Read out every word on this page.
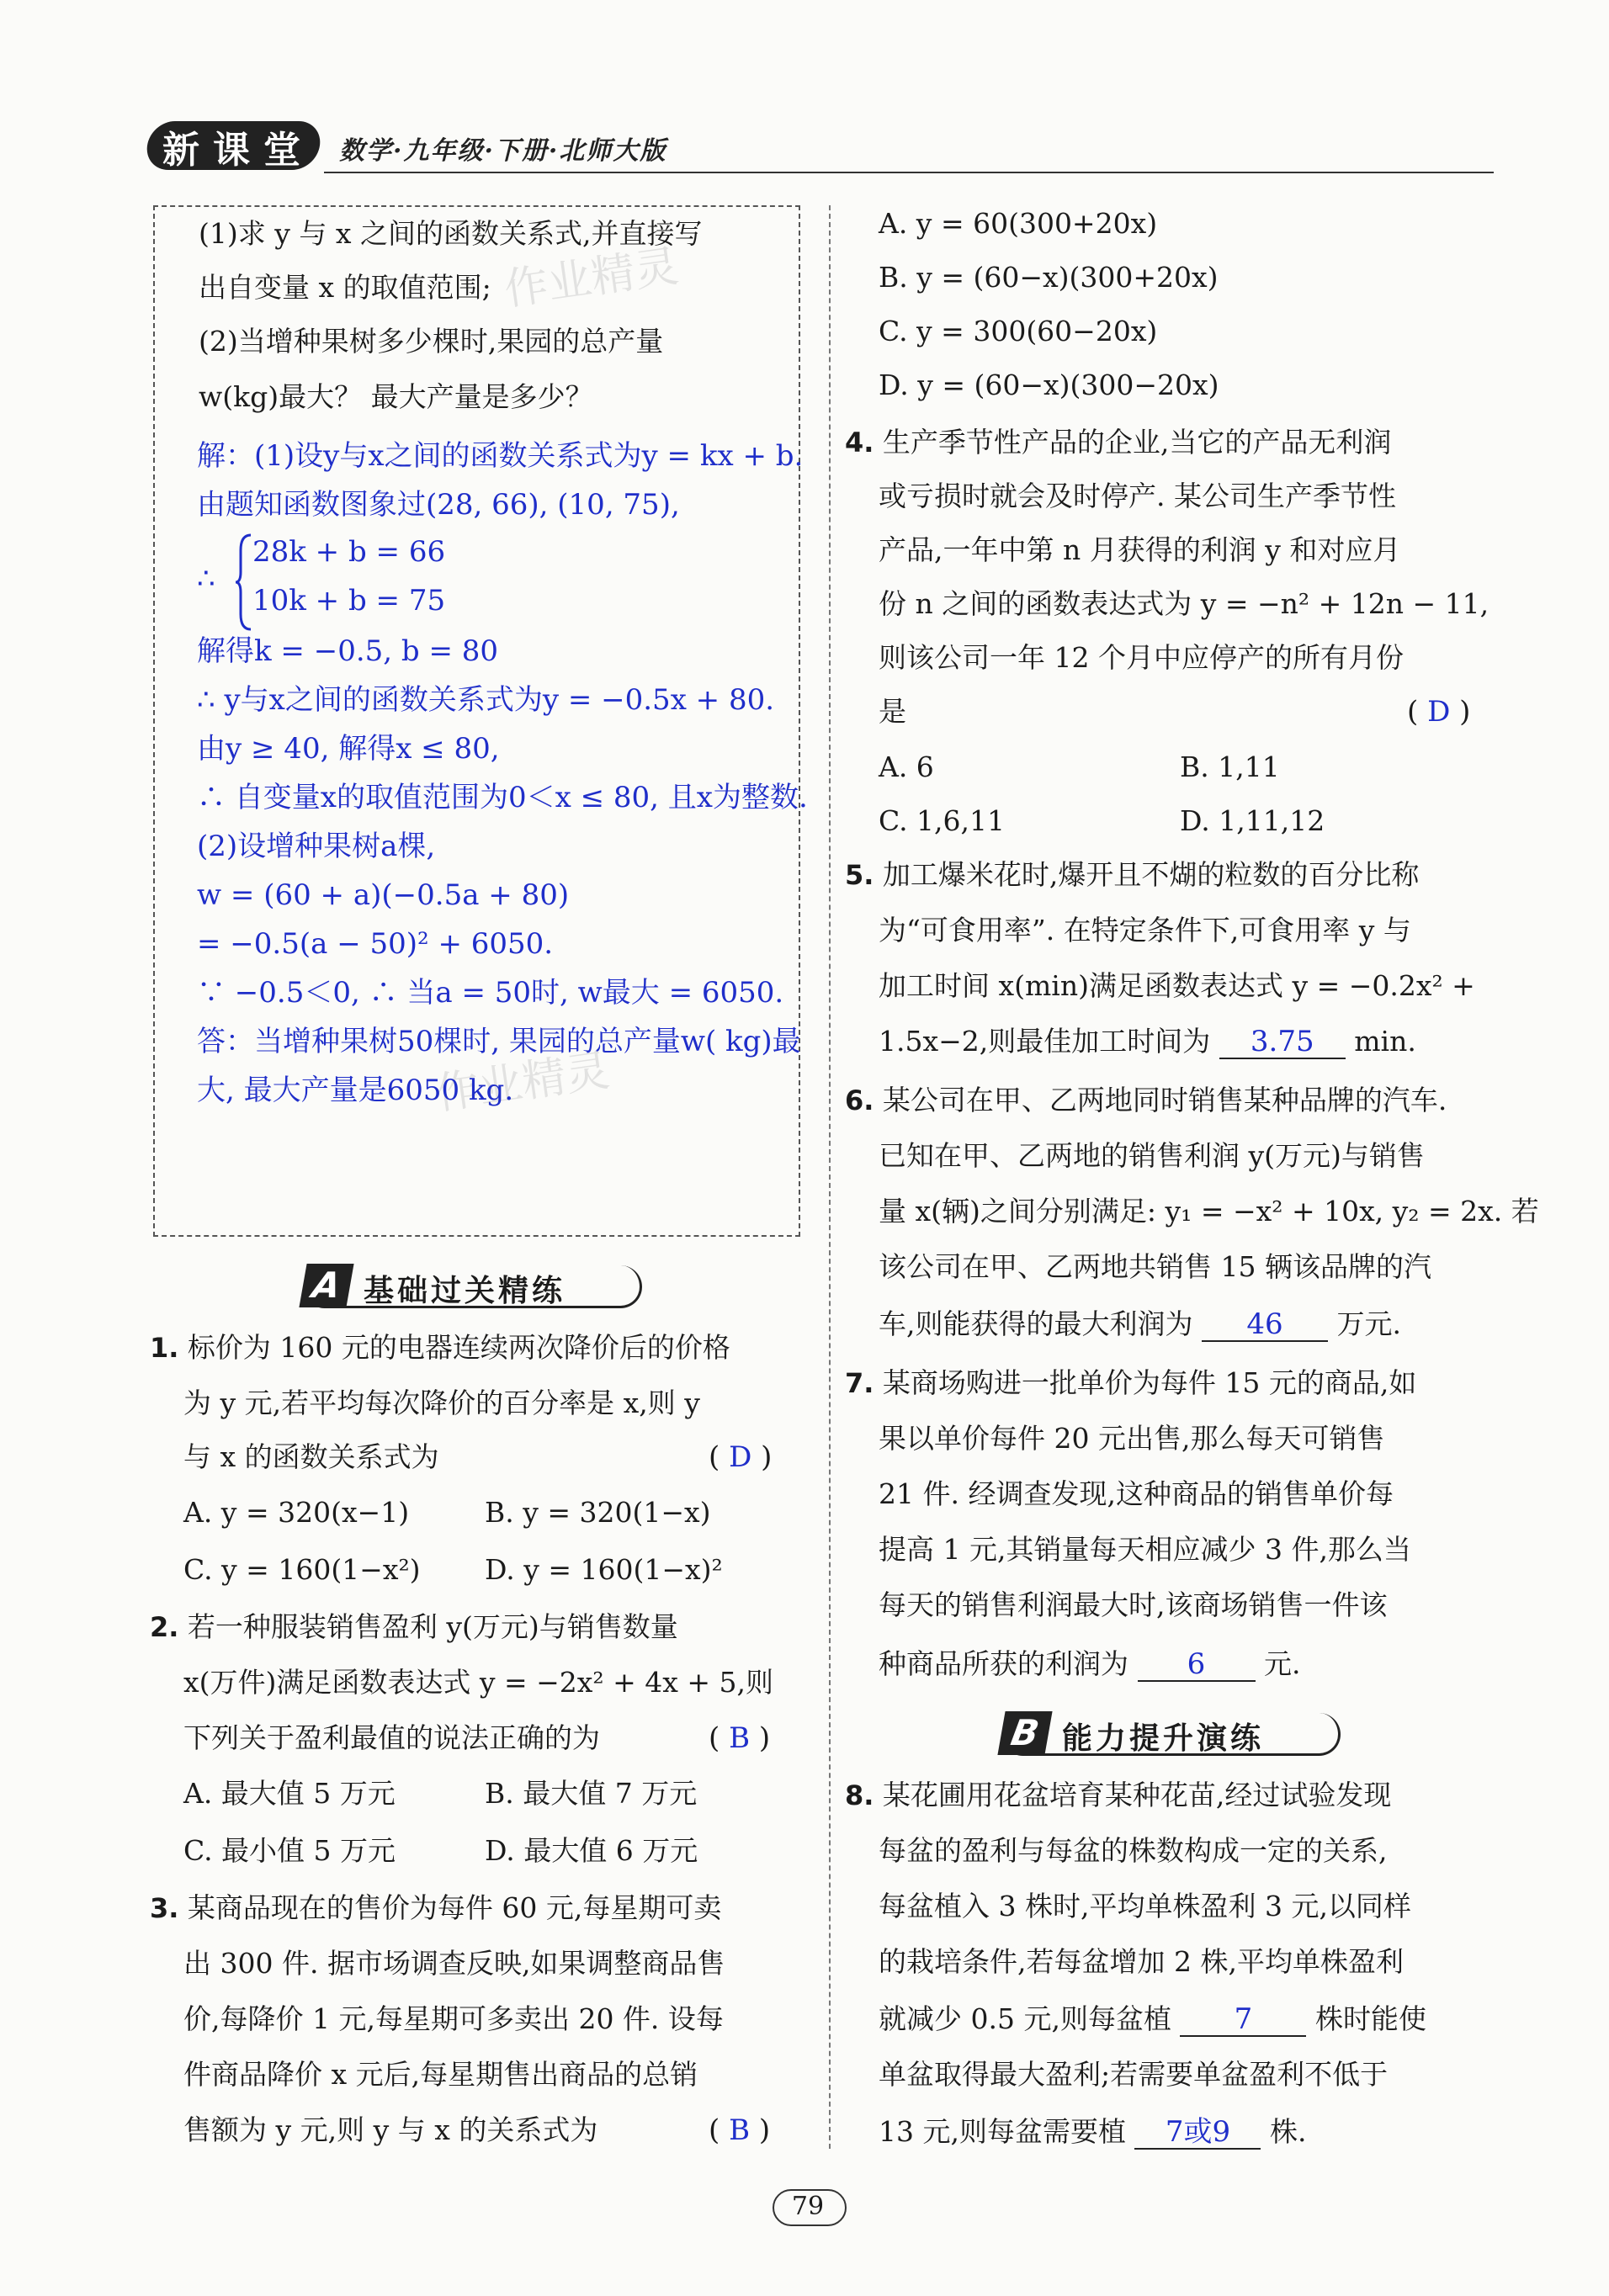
新 课 堂 数学·九年级·下册·北师大版
作业精灵
作业精灵
(1)求 y 与 x 之间的函数关系式,并直接写
出自变量 x 的取值范围;
(2)当增种果树多少棵时,果园的总产量
w(kg)最大？ 最大产量是多少？
解：(1)设y与x之间的函数关系式为y = kx + b.
由题知函数图象过(28, 66), (10, 75),
∴
28k + b = 66
10k + b = 75
解得k = −0.5, b = 80
∴ y与x之间的函数关系式为y = −0.5x + 80.
由y ≥ 40, 解得x ≤ 80,
∴ 自变量x的取值范围为0＜x ≤ 80, 且x为整数.
(2)设增种果树a棵,
w = (60 + a)(−0.5a + 80)
= −0.5(a − 50)² + 6050.
∵ −0.5＜0, ∴ 当a = 50时, w最大 = 6050.
答：当增种果树50棵时, 果园的总产量w( kg)最
大, 最大产量是6050 kg.
A 基础过关精练
1. 标价为 160 元的电器连续两次降价后的价格
为 y 元,若平均每次降价的百分率是 x,则 y
与 x 的函数关系式为	( D )
A. y = 320(x−1)	B. y = 320(1−x)
C. y = 160(1−x²) D. y = 160(1−x)²
2. 若一种服装销售盈利 y(万元)与销售数量
x(万件)满足函数表达式 y = −2x² + 4x + 5,则
下列关于盈利最值的说法正确的为	( B )
A. 最大值 5 万元	B. 最大值 7 万元
C. 最小值 5 万元	D. 最大值 6 万元
3. 某商品现在的售价为每件 60 元,每星期可卖
出 300 件. 据市场调查反映,如果调整商品售
价,每降价 1 元,每星期可多卖出 20 件. 设每
件商品降价 x 元后,每星期售出商品的总销
售额为 y 元,则 y 与 x 的关系式为	( B )
A. y = 60(300+20x)
B. y = (60−x)(300+20x)
C. y = 300(60−20x)
D. y = (60−x)(300−20x)
4. 生产季节性产品的企业,当它的产品无利润
或亏损时就会及时停产. 某公司生产季节性
产品,一年中第 n 月获得的利润 y 和对应月
份 n 之间的函数表达式为 y = −n² + 12n − 11,
则该公司一年 12 个月中应停产的所有月份
是	( D )
A. 6	B. 1,11
C. 1,6,11	D. 1,11,12
5. 加工爆米花时,爆开且不煳的粒数的百分比称
为“可食用率”. 在特定条件下,可食用率 y 与
加工时间 x(min)满足函数表达式 y = −0.2x² +
1.5x−2,则最佳加工时间为 3.75 min.
6. 某公司在甲、乙两地同时销售某种品牌的汽车.
已知在甲、乙两地的销售利润 y(万元)与销售
量 x(辆)之间分别满足: y₁ = −x² + 10x, y₂ = 2x. 若
该公司在甲、乙两地共销售 15 辆该品牌的汽
车,则能获得的最大利润为 46 万元.
7. 某商场购进一批单价为每件 15 元的商品,如
果以单价每件 20 元出售,那么每天可销售
21 件. 经调查发现,这种商品的销售单价每
提高 1 元,其销量每天相应减少 3 件,那么当
每天的销售利润最大时,该商场销售一件该
种商品所获的利润为 6 元.
B 能力提升演练
8. 某花圃用花盆培育某种花苗,经过试验发现
每盆的盈利与每盆的株数构成一定的关系,
每盆植入 3 株时,平均单株盈利 3 元,以同样
的栽培条件,若每盆增加 2 株,平均单株盈利
就减少 0.5 元,则每盆植 7 株时能使
单盆取得最大盈利;若需要单盆盈利不低于
13 元,则每盆需要植 7或9 株.
79
